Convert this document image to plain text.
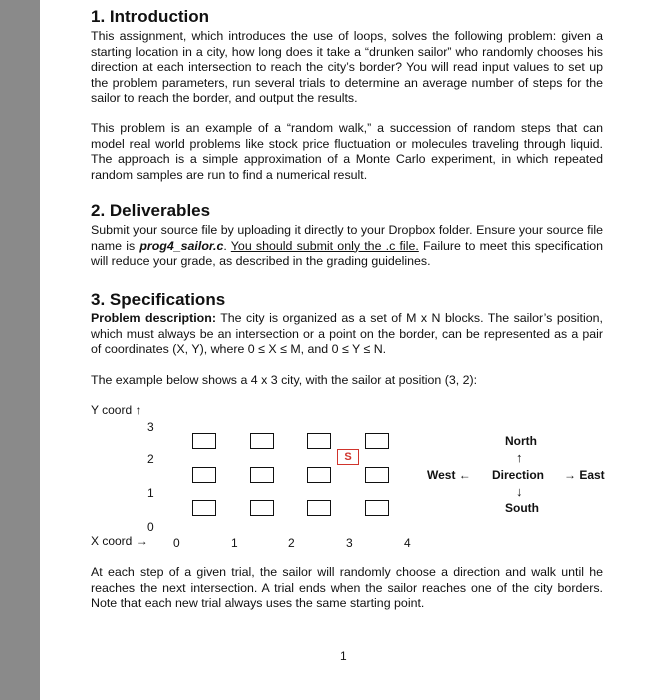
1. Introduction

This assignment, which introduces the use of loops, solves the following problem: given a starting location in a city, how long does it take a “drunken sailor” who randomly chooses his direction at each intersection to reach the city’s border? You will read input values to set up the problem parameters, run several trials to determine an average number of steps for the sailor to reach the border, and output the results.

This problem is an example of a “random walk,” a succession of random steps that can model real world problems like stock price fluctuation or molecules traveling through liquid. The approach is a simple approximation of a Monte Carlo experiment, in which repeated random samples are run to find a numerical result.

2. Deliverables

Submit your source file by uploading it directly to your Dropbox folder. Ensure your source file name is prog4_sailor.c. You should submit only the .c file. Failure to meet this specification will reduce your grade, as described in the grading guidelines.

3. Specifications

Problem description: The city is organized as a set of M x N blocks. The sailor’s position, which must always be an intersection or a point on the border, can be represented as a pair of coordinates (X, Y), where 0 ≤ X ≤ M, and 0 ≤ Y ≤ N.

The example below shows a 4 x 3 city, with the sailor at position (3, 2):

Y coord ↑
3
2
1
0
X coord → 0	1	2	3	4
S
North
↑
West ← Direction → East
↓
South

At each step of a given trial, the sailor will randomly choose a direction and walk until he reaches the next intersection. A trial ends when the sailor reaches one of the city borders. Note that each new trial always uses the same starting point.

1
